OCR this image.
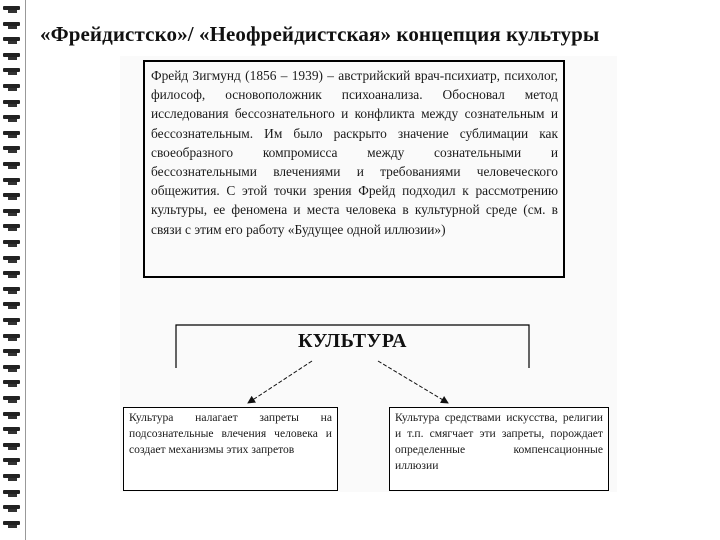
«Фрейдистско»/ «Неофрейдистская» концепция культуры
Фрейд Зигмунд (1856 – 1939) – австрийский врач-психиатр, психолог, философ, основоположник психоанализа. Обосновал метод исследования бессознательного и конфликта между сознательным и бессознательным. Им было раскрыто значение сублимации как своеобразного компромисса между сознательными и бессознательными влечениями и требованиями человеческого общежития. С этой точки зрения Фрейд подходил к рассмотрению культуры, ее феномена и места человека в культурной среде (см. в связи с этим его работу «Будущее одной иллюзии»)
КУЛЬТУРА
Культура налагает запреты на подсознательные влечения человека и создает механизмы этих запретов
Культура средствами искусства, религии и т.п. смягчает эти запреты, порождает определенные компенсационные иллюзии
